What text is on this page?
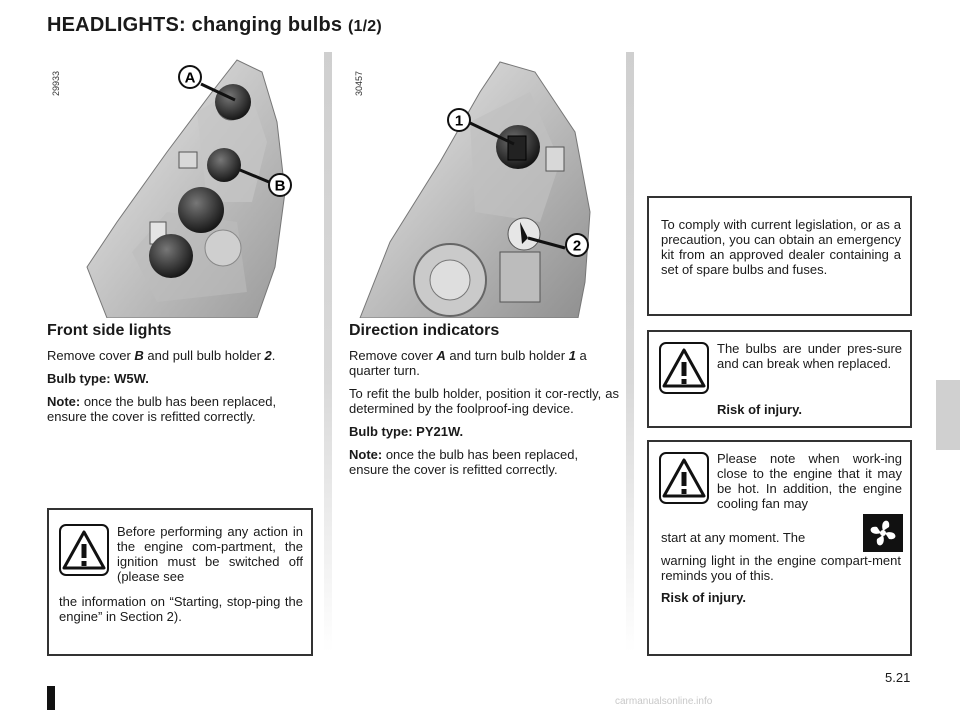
HEADLIGHTS: changing bulbs (1/2)
29933	A
B
30457
1
2
Front side lights

Remove cover B and pull bulb holder 2.

Bulb type: W5W.

Note: once the bulb has been replaced, ensure the cover is refitted correctly.

Direction indicators

Remove cover A and turn bulb holder 1 a quarter turn.

To refit the bulb holder, position it cor-rectly, as determined by the foolproof-ing device.

Bulb type: PY21W.

Note: once the bulb has been replaced, ensure the cover is refitted correctly.

Before performing any action in the engine com-partment, the ignition must be switched off (please see
the information on “Starting, stop-ping the engine” in Section 2).
To comply with current legislation, or as a precaution, you can obtain an emergency kit from an approved dealer containing a set of spare bulbs and fuses.
The bulbs are under pres-sure and can break when replaced.
Risk of injury.
Please note when work-ing close to the engine that it may be hot. In addition, the engine cooling fan may
start at any moment. The
warning light in the engine compart-ment reminds you of this.
Risk of injury.
5.21
carmanualsonline.info
